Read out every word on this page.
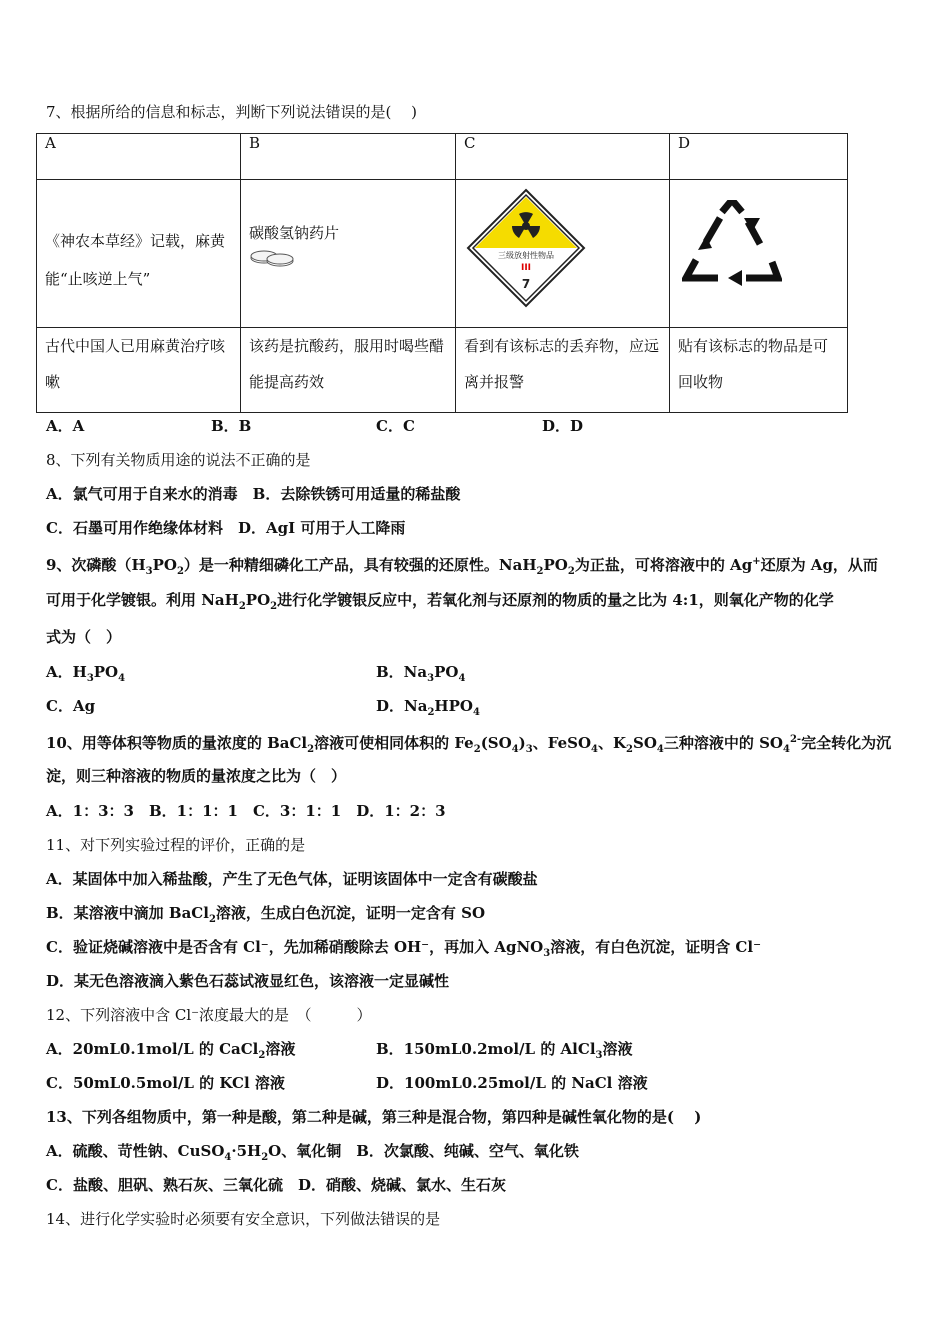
7、根据所给的信息和标志，判断下列说法错误的是(　 )
A	B	C	D

《神农本草经》记载，麻黄能“止咳逆上气”	碳酸氢钠药片	三级放射性物品
III
7

古代中国人已用麻黄治疗咳嗽	该药是抗酸药，服用时喝些醋能提高药效	看到有该标志的丢弃物，应远离并报警	贴有该标志的物品是可回收物
A．A	B．B	C．C	D．D
8、下列有关物质用途的说法不正确的是
A．氯气可用于自来水的消毒　B．去除铁锈可用适量的稀盐酸
C．石墨可用作绝缘体材料　D．AgI 可用于人工降雨
9、次磷酸$(H_3PO_2)$是一种精细磷化工产品，具有较强的还原性。$NaH_2PO_2$为正盐，可将溶液中的 Ag+还原为 Ag，从而
可用于化学镀银。利用 $NaH_2PO_2$进行化学镀银反应中，若氧化剂与还原剂的物质的量之比为 4:1，则氧化产物的化学
式为（　）
A．$H_3PO_4$	B．$Na_3PO_4$
C．Ag	D．$Na_2HPO_4$
10、用等体积等物质的量浓度的 BaCl$_2$溶液可使相同体积的 $Fe_2(SO_4)_3$、FeSO$_4$、$K_2SO_4$三种溶液中的 $SO_4^{2-}$完全转化为沉
淀，则三种溶液的物质的量浓度之比为（　）
A．1：3：3　B．1：1：1　C．3：1：1　D．1：2：3
11、对下列实验过程的评价，正确的是
A．某固体中加入稀盐酸，产生了无色气体，证明该固体中一定含有碳酸盐
B．某溶液中滴加 BaCl$_2$溶液，生成白色沉淀，证明一定含有 SO
C．验证烧碱溶液中是否含有 Cl⁻，先加稀硝酸除去 OH⁻，再加入 AgNO$_3$溶液，有白色沉淀，证明含 Cl⁻
D．某无色溶液滴入紫色石蕊试液显红色，该溶液一定显碱性
12、下列溶液中含 Cl⁻浓度最大的是　（　　　）
A．20mL0.1mol/L 的 CaCl$_2$溶液	B．150mL0.2mol/L 的 AlCl$_3$溶液
C．50mL0.5mol/L 的 KCl 溶液	D．100mL0.25mol/L 的 NaCl 溶液
13、下列各组物质中，第一种是酸，第二种是碱，第三种是混合物，第四种是碱性氧化物的是(　 )
A．硫酸、苛性钠、$CuSO_4\cdot 5H_2O$、氧化铜　B．次氯酸、纯碱、空气、氧化铁
C．盐酸、胆矾、熟石灰、三氧化硫　D．硝酸、烧碱、氯水、生石灰
14、进行化学实验时必须要有安全意识，下列做法错误的是
